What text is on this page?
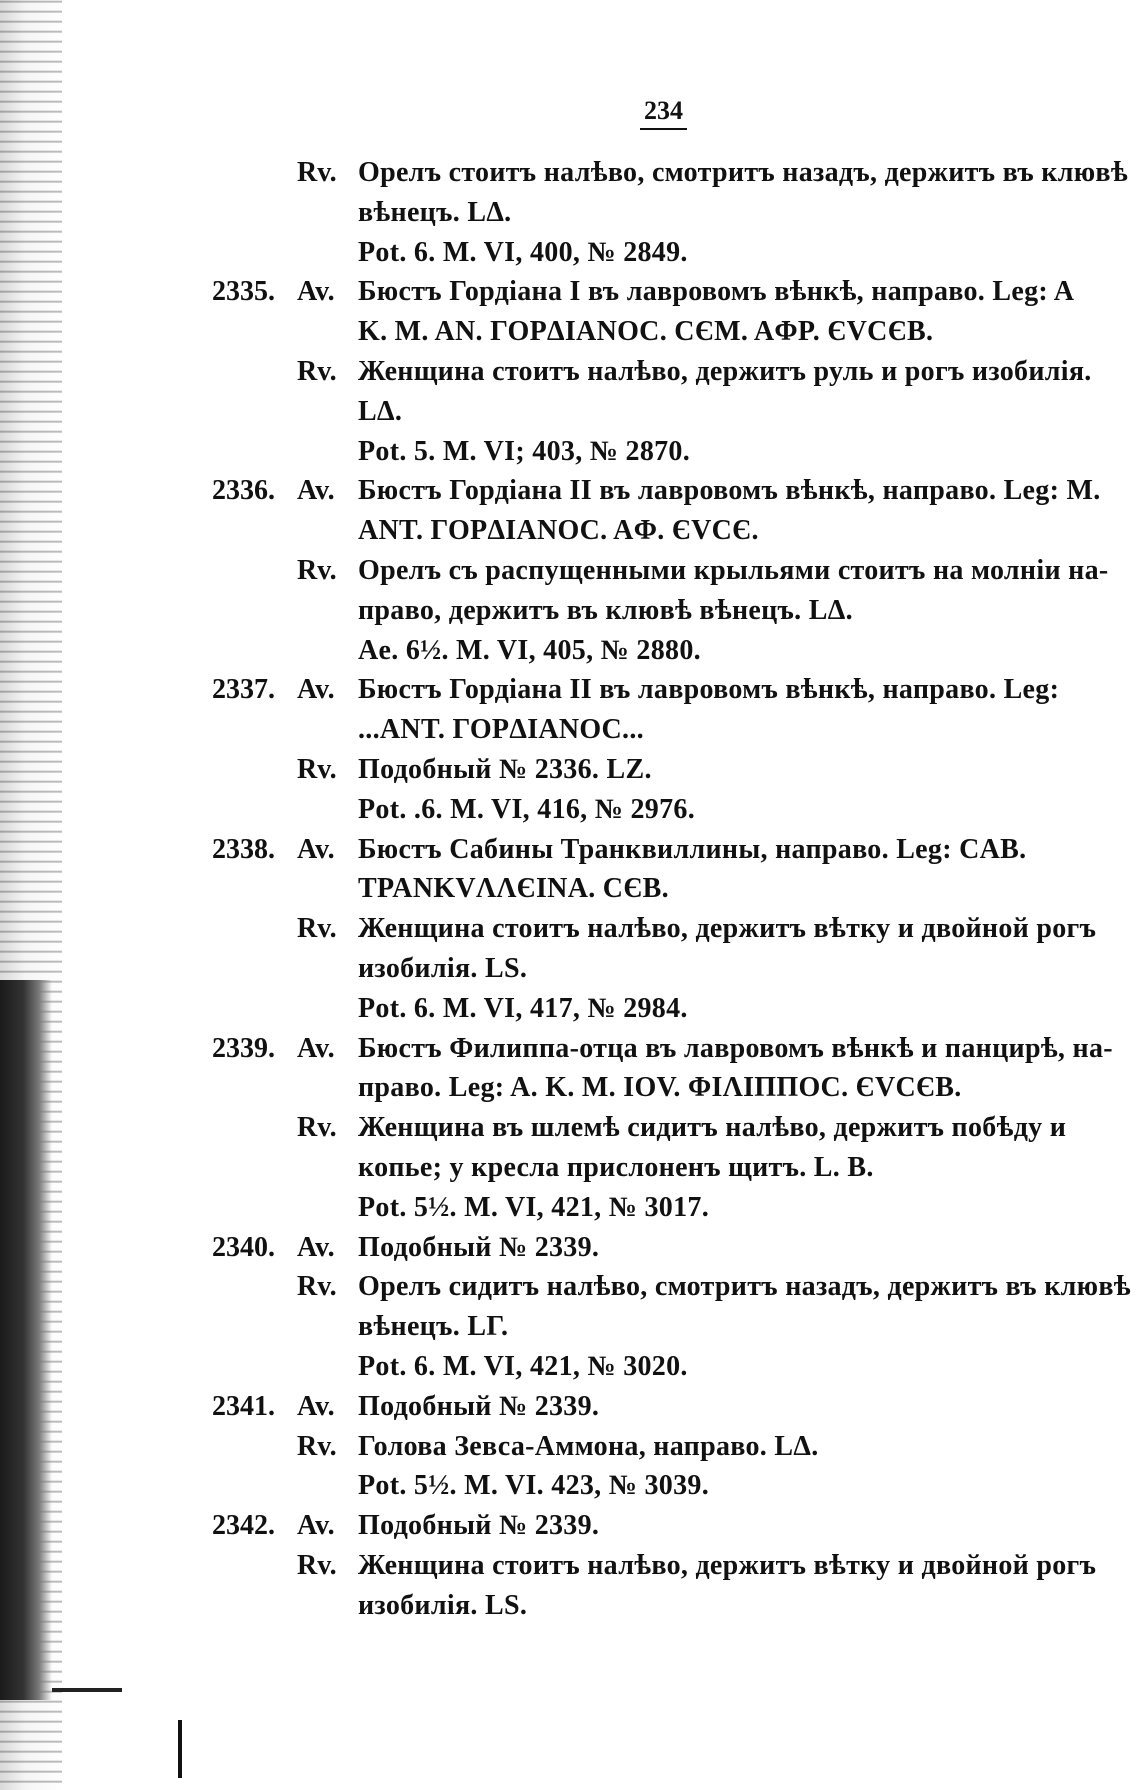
234
Rv. Орелъ стоитъ налѣво, смотритъ назадъ, держитъ въ клювѣ
вѣнецъ. LΔ.
Pot. 6. M. VI, 400, № 2849.
2335. Av. Бюстъ Гордiана I въ лавровомъ вѣнкѣ, направо. Leg: A
K. M. AN. ГОРΔIANOC. CЄM. AΦP. ЄVCЄB.
Rv. Женщина стоитъ налѣво, держитъ руль и рогъ изобилiя.
LΔ.
Pot. 5. M. VI; 403, № 2870.
2336. Av. Бюстъ Гордiана II въ лавровомъ вѣнкѣ, направо. Leg: M.
ANT. ГОРΔIANOC. AΦ. ЄVCЄ.
Rv. Орелъ съ распущенными крыльями стоитъ на молнiи на-
право, держитъ въ клювѣ вѣнецъ. LΔ.
Ae. 6½. M. VI, 405, № 2880.
2337. Av. Бюстъ Гордiана II въ лавровомъ вѣнкѣ, направо. Leg:
...ANT. ГОРΔIANOC...
Rv. Подобный № 2336. LZ.
Pot. .6. M. VI, 416, № 2976.
2338. Av. Бюстъ Сабины Транквиллины, направо. Leg: CAB.
TPANKVΛΛЄINA. CЄB.
Rv. Женщина стоитъ налѣво, держитъ вѣтку и двойной рогъ
изобилiя. LS.
Pot. 6. M. VI, 417, № 2984.
2339. Av. Бюстъ Филиппа-отца въ лавровомъ вѣнкѣ и панцирѣ, на-
право. Leg: A. K. M. IOV. ΦIΛIΠΠOC. ЄVCЄB.
Rv. Женщина въ шлемѣ сидитъ налѣво, держитъ побѣду и
копье; у кресла прислоненъ щитъ. L. B.
Pot. 5½. M. VI, 421, № 3017.
2340. Av. Подобный № 2339.
Rv. Орелъ сидитъ налѣво, смотритъ назадъ, держитъ въ клювѣ
вѣнецъ. LΓ.
Pot. 6. M. VI, 421, № 3020.
2341. Av. Подобный № 2339.
Rv. Голова Зевса-Аммона, направо. LΔ.
Pot. 5½. M. VI. 423, № 3039.
2342. Av. Подобный № 2339.
Rv. Женщина стоитъ налѣво, держитъ вѣтку и двойной рогъ
изобилiя. LS.
